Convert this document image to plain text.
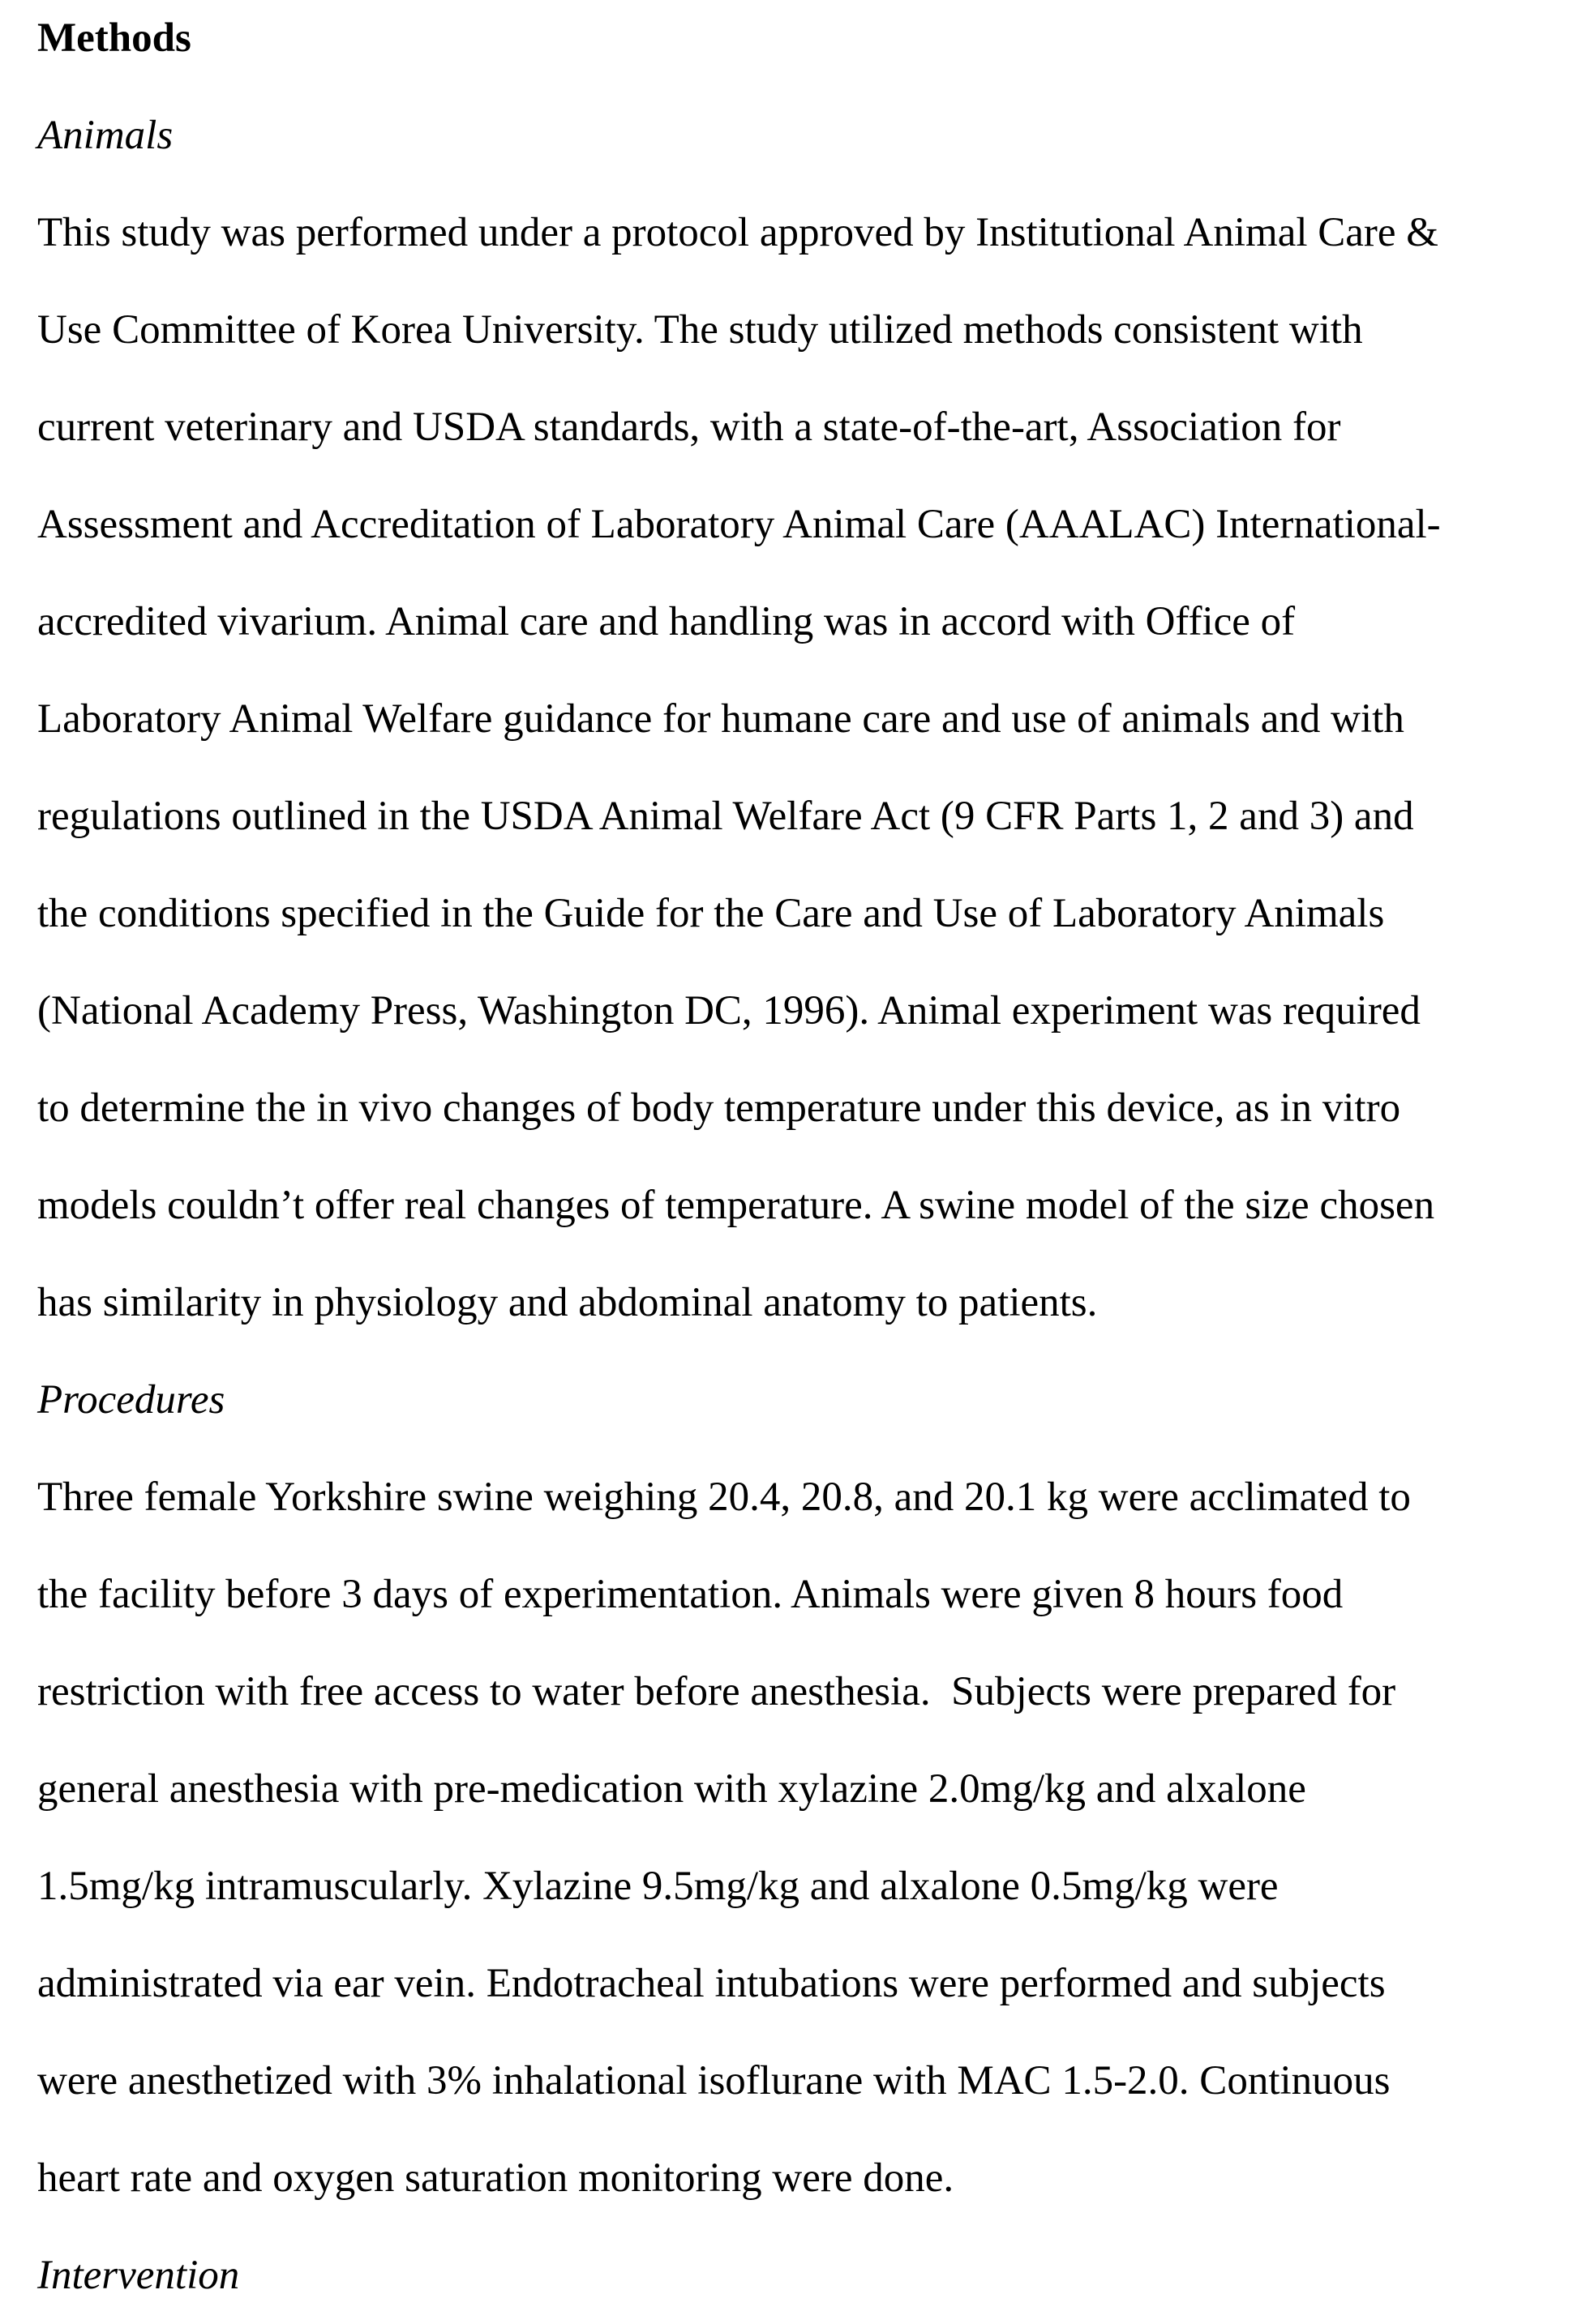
Methods
Animals
This study was performed under a protocol approved by Institutional Animal Care &
Use Committee of Korea University. The study utilized methods consistent with
current veterinary and USDA standards, with a state-of-the-art, Association for
Assessment and Accreditation of Laboratory Animal Care (AAALAC) International-
accredited vivarium. Animal care and handling was in accord with Office of
Laboratory Animal Welfare guidance for humane care and use of animals and with
regulations outlined in the USDA Animal Welfare Act (9 CFR Parts 1, 2 and 3) and
the conditions specified in the Guide for the Care and Use of Laboratory Animals
(National Academy Press, Washington DC, 1996). Animal experiment was required
to determine the in vivo changes of body temperature under this device, as in vitro
models couldn’t offer real changes of temperature. A swine model of the size chosen
has similarity in physiology and abdominal anatomy to patients.
Procedures
Three female Yorkshire swine weighing 20.4, 20.8, and 20.1 kg were acclimated to
the facility before 3 days of experimentation. Animals were given 8 hours food
restriction with free access to water before anesthesia.  Subjects were prepared for
general anesthesia with pre-medication with xylazine 2.0mg/kg and alxalone
1.5mg/kg intramuscularly. Xylazine 9.5mg/kg and alxalone 0.5mg/kg were
administrated via ear vein. Endotracheal intubations were performed and subjects
were anesthetized with 3% inhalational isoflurane with MAC 1.5-2.0. Continuous
heart rate and oxygen saturation monitoring were done.
Intervention
